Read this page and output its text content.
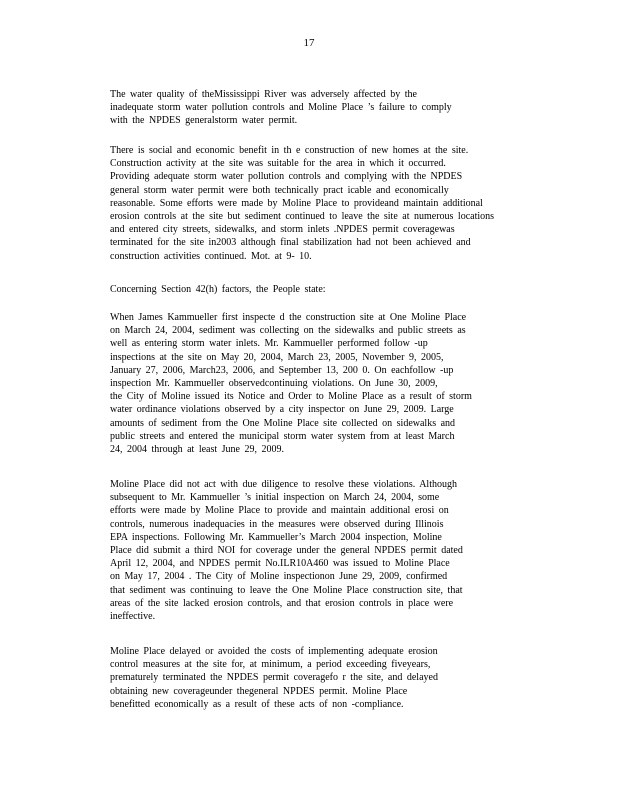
17
The water quality of theMississippi River was adversely affected by the
inadequate storm water pollution controls and Moline Place ’s failure to comply
with the NPDES generalstorm water permit.
There is social and economic benefit in th e construction of new homes at the site.
Construction activity at the site was suitable for the area in which it occurred.
Providing adequate storm water pollution controls and complying with the NPDES
general storm water permit were both technically pract icable and economically
reasonable. Some efforts were made by Moline Place to provideand maintain additional
erosion controls at the site but sediment continued to leave the site at numerous locations
and entered city streets, sidewalks, and storm inlets .NPDES permit coveragewas
terminated for the site in2003 although final stabilization had not been achieved and
construction activities continued. Mot. at 9- 10.
Concerning Section 42(h) factors, the People state:
When James Kammueller first inspecte d the construction site at One Moline Place
on March 24, 2004, sediment was collecting on the sidewalks and public streets as
well as entering storm water inlets. Mr. Kammueller performed follow -up
inspections at the site on May 20, 2004, March 23, 2005, November 9, 2005,
January 27, 2006, March23, 2006, and September 13, 200 0. On eachfollow -up
inspection Mr. Kammueller observedcontinuing violations. On June 30, 2009,
the City of Moline issued its Notice and Order to Moline Place as a result of storm
water ordinance violations observed by a city inspector on June 29, 2009. Large
amounts of sediment from the One Moline Place site collected on sidewalks and
public streets and entered the municipal storm water system from at least March
24, 2004 through at least June 29, 2009.
Moline Place did not act with due diligence to resolve these violations. Although
subsequent to Mr. Kammueller ’s initial inspection on March 24, 2004, some
efforts were made by Moline Place to provide and maintain additional erosi on
controls, numerous inadequacies in the measures were observed during Illinois
EPA inspections. Following Mr. Kammueller’s March 2004 inspection, Moline
Place did submit a third NOI for coverage under the general NPDES permit dated
April 12, 2004, and NPDES permit No.ILR10A460 was issued to Moline Place
on May 17, 2004 . The City of Moline inspectionon June 29, 2009, confirmed
that sediment was continuing to leave the One Moline Place construction site, that
areas of the site lacked erosion controls, and that erosion controls in place were
ineffective.
Moline Place delayed or avoided the costs of implementing adequate erosion
control measures at the site for, at minimum, a period exceeding fiveyears,
prematurely terminated the NPDES permit coveragefo r the site, and delayed
obtaining new coverageunder thegeneral NPDES permit. Moline Place
benefitted economically as a result of these acts of non -compliance.
